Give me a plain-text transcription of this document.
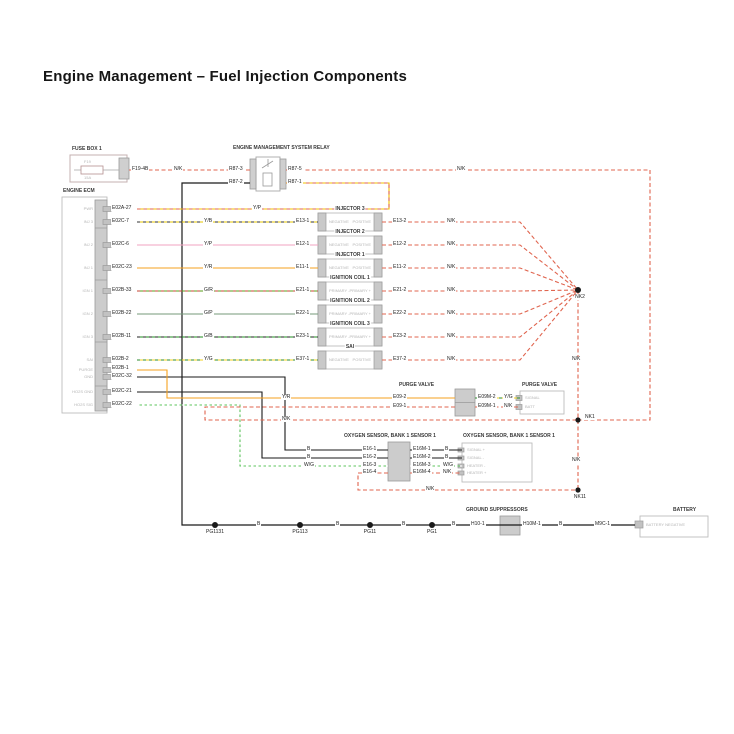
Engine Management – Fuel Injection Components
FUSE BOX 1
F19
15A
F19-4B	N/K
ENGINE MANAGEMENT SYSTEM RELAY
R87-3
R87-2
R87-5
R87-1
N/K
ENGINE ECM
E02A-27
E02C-7
E02C-6
E02C-23
E02B-33
E02B-22
E02B-11
E02B-2
E02B-1
E02C-32
E02C-21
E02C-22
PWR
INJ 3
INJ 2
INJ 1
IGN 1
IGN 2
IGN 3
SAI
PURGE
GND
HO2S GND
HO2S SIG
Y/P
Y/B
Y/P
Y/R
G/R
G/P
G/B
Y/G
Y/R
B
B
W/G
INJECTOR 3
INJECTOR 2
INJECTOR 1
IGNITION COIL 1
IGNITION COIL 2
IGNITION COIL 3
SAI
E13-1
E12-1
E11-1
E21-1
E22-1
E23-1
E37-1
E13-2
E12-2
E11-2
E21-2
E22-2
E23-2
E37-2
N/K
N/K
N/K
N/K
N/K
N/K
N/K
NEGATIVE
NEGATIVE
NEGATIVE
PRIMARY -
PRIMARY -
PRIMARY -
NEGATIVE
POSITIVE
POSITIVE
POSITIVE
PRIMARY +
PRIMARY +
PRIMARY +
POSITIVE
NK2
NK1
NK11
N/K
N/K
PURGE VALVE	PURGE VALVE
E09-2
E09-1
E09M-2
E09M-1
Y/G
N/K
N/K
SIGNAL
BATT
OXYGEN SENSOR, BANK 1 SENSOR 1	OXYGEN SENSOR, BANK 1 SENSOR 1
E16-1
E16-2
E16-3
E16-4
E16M-1
E16M-2
E16M-3
E16M-4
B
B
W/G
N/K
SIGNAL +
SIGNAL -
HEATER -
HEATER +
N/K
PG1131	PG113	PG11	PG1
B	B	B	B	H10-1
GROUND SUPPRESSORS
H10M-1	B	M9C-1
BATTERY
BATTERY NEGATIVE
